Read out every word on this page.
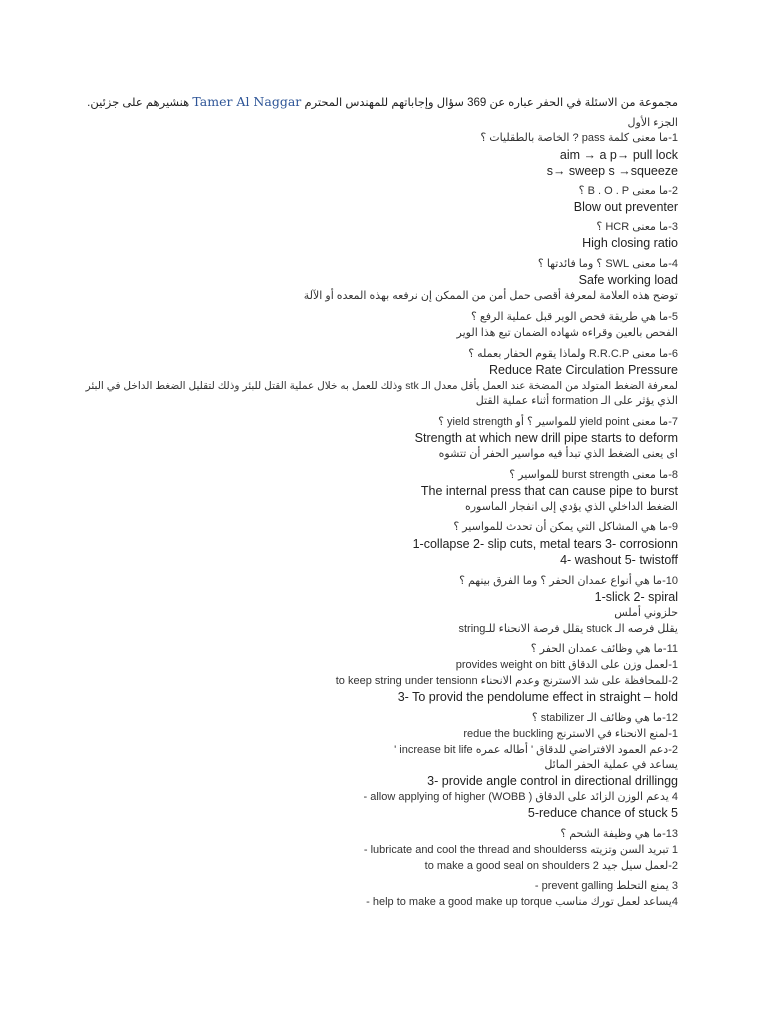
مجموعة من الاسئلة في الحفر عباره عن 369 سؤال وإجاباتهم للمهندس المحترم Tamer Al Naggar هنشيرهم على جزئين.
الجزء الأول
1-ما معنى كلمة pass ? الخاصة بالطقليات ؟
aim → a p→ pull lock
s→ sweep s →squeeze
2-ما معنى B . O . P ؟
Blow out preventer
3-ما معنى HCR ؟
High closing ratio
4-ما معنى SWL ؟ وما فائدتها ؟
Safe working load
توضح هذه العلامة لمعرفة أقصى حمل أمن من الممكن إن نرفعه بهذه المعده أو الآلة
5-ما هي طريقة فحص الوير قبل عملية الرفع ؟
الفحص بالعين وقراءه شهاده الضمان تبع هذا الوير
6-ما معنى R.R.C.P ولماذا يقوم الحفار بعمله ؟
Reduce Rate Circulation Pressure
لمعرفة الضغط المتولد من المضخة عند العمل بأقل معدل الـ stk وذلك للعمل به خلال عملية القتل للبئر وذلك لتقليل الضغط الداخل في البئر
الذي يؤثر على الـ formation أثناء عملية القتل
7-ما معنى yield point للمواسير ؟ أو yield strength ؟
Strength at which new drill pipe starts to deform
اى يعنى الضغط الذي تبدأ فيه مواسير الحفر أن تتشوه
8-ما معنى burst strength للمواسير ؟
The internal press that can cause pipe to burst
الضغط الداخلي الذي يؤدي إلى انفجار الماسوره
9-ما هي المشاكل التي يمكن أن تحدث للمواسير ؟
1-collapse 2- slip cuts, metal tears 3- corrosionn
4- washout 5- twistoff
10-ما هي أنواع عمدان الحفر ؟ وما الفرق بينهم ؟
1-slick 2- spiral
حلزوني أملس
يقلل فرصه الـ stuck يقلل فرصة الانحناء للـstring
11-ما هي وظائف عمدان الحفر ؟
1-لعمل وزن على الدقاق provides weight on bitt
2-للمحافظة على شد الاسترنج وعدم الانحناء to keep string under tensionn
3- To provid the pendolume effect in straight – hold
12-ما هي وظائف الـ stabilizer ؟
1-لمنع الانحناء في الاسترنج redue the buckling
2-دعم العمود الافتراضي للدقاق ' أطاله عمره increase bit life '
يساعد في عملية الحفر المائل
3- provide angle control in directional drillingg
4 يدعم الوزن الزائد على الدقاق ( allow applying of higher (WOBB -
5-reduce chance of stuck 5
13-ما هي وظيفة الشحم ؟
1 تبريد السن وتزيته lubricate and cool the thread and shoulderss -
2-لعمل سيل جيد to make a good seal on shoulders 2
3 يمنع التحلط prevent galling -
4يساعد لعمل تورك مناسب help to make a good make up torque -
